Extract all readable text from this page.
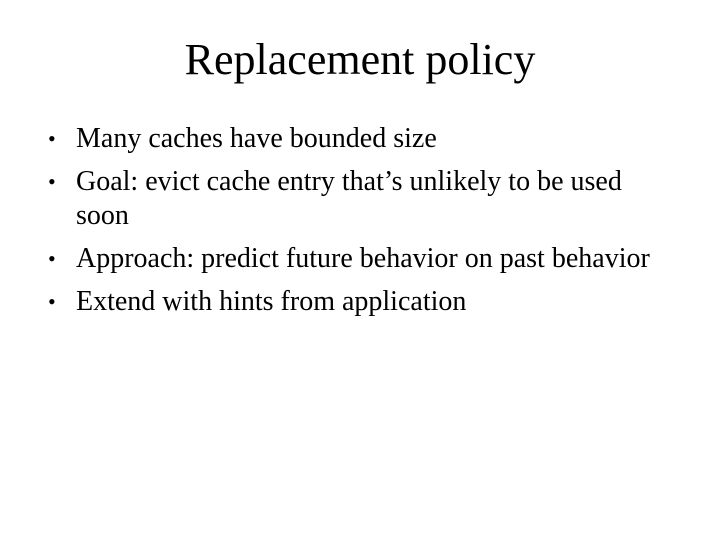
Replacement policy
• Many caches have bounded size
• Goal: evict cache entry that’s unlikely to be used soon
• Approach: predict future behavior on past behavior
• Extend with hints from application
